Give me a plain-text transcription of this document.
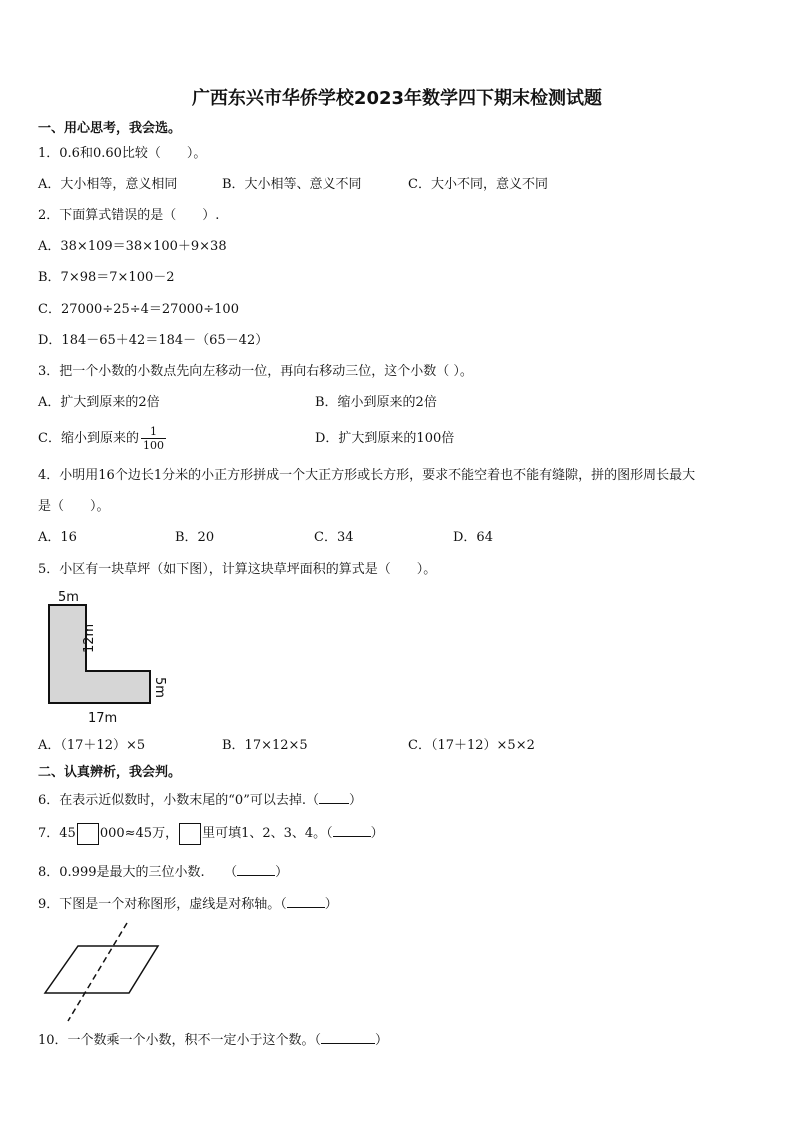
广西东兴市华侨学校2023年数学四下期末检测试题
一、用心思考，我会选。
1．0.6和0.60比较（　　）。
A．大小相等，意义相同	B．大小相等、意义不同	C．大小不同，意义不同
2．下面算式错误的是（　　）.
A．38×109＝38×100＋9×38
B．7×98＝7×100－2
C．27000÷25÷4＝27000÷100
D．184－65＋42＝184－（65－42）
3．把一个小数的小数点先向左移动一位，再向右移动三位，这个小数（ ）。
A．扩大到原来的2倍	B．缩小到原来的2倍
C．缩小到原来的 $\frac{1}{100}$	D．扩大到原来的100倍
4．小明用16个边长1分米的小正方形拼成一个大正方形或长方形，要求不能空着也不能有缝隙，拼的图形周长最大
是（　　）。
A．16	B．20	C．34	D．64
5．小区有一块草坪（如下图），计算这块草坪面积的算式是（　　）。
5m
12m
5m
17m
A．（17＋12）×5	B．17×12×5	C．（17＋12）×5×2
二、认真辨析，我会判。
6．在表示近似数时，小数末尾的“0”可以去掉.（ ）
7．45 000≈45万， 里可填1、2、3、4。（	）
8．0.999是最大的三位小数.　　（	）
9．下图是一个对称图形，虚线是对称轴。（	）
10．一个数乘一个小数，积不一定小于这个数。（	）
